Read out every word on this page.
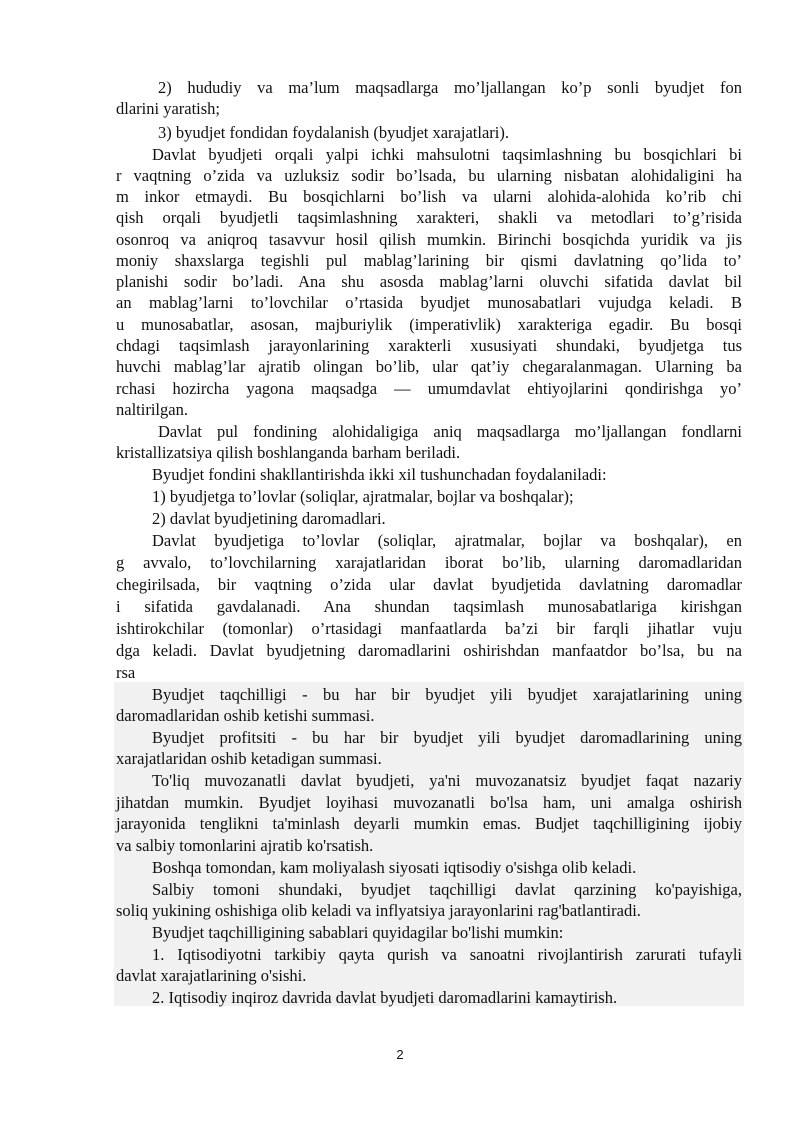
2) hududiy va ma’lum maqsadlarga mo’ljallangan ko’p sonli byudjet fon
dlarini yaratish;
3) byudjet fondidan foydalanish (byudjet xarajatlari).
Davlat byudjeti orqali yalpi ichki mahsulotni taqsimlashning bu bosqichlari bi
r vaqtning o’zida va uzluksiz sodir bo’lsada, bu ularning nisbatan alohidaligini ha
m inkor etmaydi. Bu bosqichlarni bo’lish va ularni alohida-alohida ko’rib chi
qish orqali byudjetli taqsimlashning xarakteri, shakli va metodlari to’g’risida
osonroq va aniqroq tasavvur hosil qilish mumkin. Birinchi bosqichda yuridik va jis
moniy shaxslarga tegishli pul mablag’larining bir qismi davlatning qo’lida to’
planishi sodir bo’ladi. Ana shu asosda mablag’larni oluvchi sifatida davlat bil
an mablag’larni to’lovchilar o’rtasida byudjet munosabatlari vujudga keladi. B
u munosabatlar, asosan, majburiylik (imperativlik) xarakteriga egadir. Bu bosqi
chdagi taqsimlash jarayonlarining xarakterli xususiyati shundaki, byudjetga tus
huvchi mablag’lar ajratib olingan bo’lib, ular qat’iy chegaralanmagan. Ularning ba
rchasi hozircha yagona maqsadga — umumdavlat ehtiyojlarini qondirishga yo’
naltirilgan.
Davlat pul fondining alohidaligiga aniq maqsadlarga mo’ljallangan fondlarni
kristallizatsiya qilish boshlanganda barham beriladi.
Byudjet fondini shakllantirishda ikki xil tushunchadan foydalaniladi:
1) byudjetga to’lovlar (soliqlar, ajratmalar, bojlar va boshqalar);
2) davlat byudjetining daromadlari.
Davlat byudjetiga to’lovlar (soliqlar, ajratmalar, bojlar va boshqalar), en
g avvalo, to’lovchilarning xarajatlaridan iborat bo’lib, ularning daromadlaridan
chegirilsada, bir vaqtning o’zida ular davlat byudjetida davlatning daromadlar
i sifatida gavdalanadi. Ana shundan taqsimlash munosabatlariga kirishgan
ishtirokchilar (tomonlar) o’rtasidagi manfaatlarda ba’zi bir farqli jihatlar vuju
dga keladi. Davlat byudjetning daromadlarini oshirishdan manfaatdor bo’lsa, bu na
rsa
Byudjet taqchilligi - bu har bir byudjet yili byudjet xarajatlarining uning
daromadlaridan oshib ketishi summasi.
Byudjet profitsiti - bu har bir byudjet yili byudjet daromadlarining uning
xarajatlaridan oshib ketadigan summasi.
To'liq muvozanatli davlat byudjeti, ya'ni muvozanatsiz byudjet faqat nazariy
jihatdan mumkin. Byudjet loyihasi muvozanatli bo'lsa ham, uni amalga oshirish
jarayonida tenglikni ta'minlash deyarli mumkin emas. Budjet taqchilligining ijobiy
va salbiy tomonlarini ajratib ko'rsatish.
Boshqa tomondan, kam moliyalash siyosati iqtisodiy o'sishga olib keladi.
Salbiy tomoni shundaki, byudjet taqchilligi davlat qarzining ko'payishiga,
soliq yukining oshishiga olib keladi va inflyatsiya jarayonlarini rag'batlantiradi.
Byudjet taqchilligining sabablari quyidagilar bo'lishi mumkin:
1. Iqtisodiyotni tarkibiy qayta qurish va sanoatni rivojlantirish zarurati tufayli
davlat xarajatlarining o'sishi.
2. Iqtisodiy inqiroz davrida davlat byudjeti daromadlarini kamaytirish.
2
